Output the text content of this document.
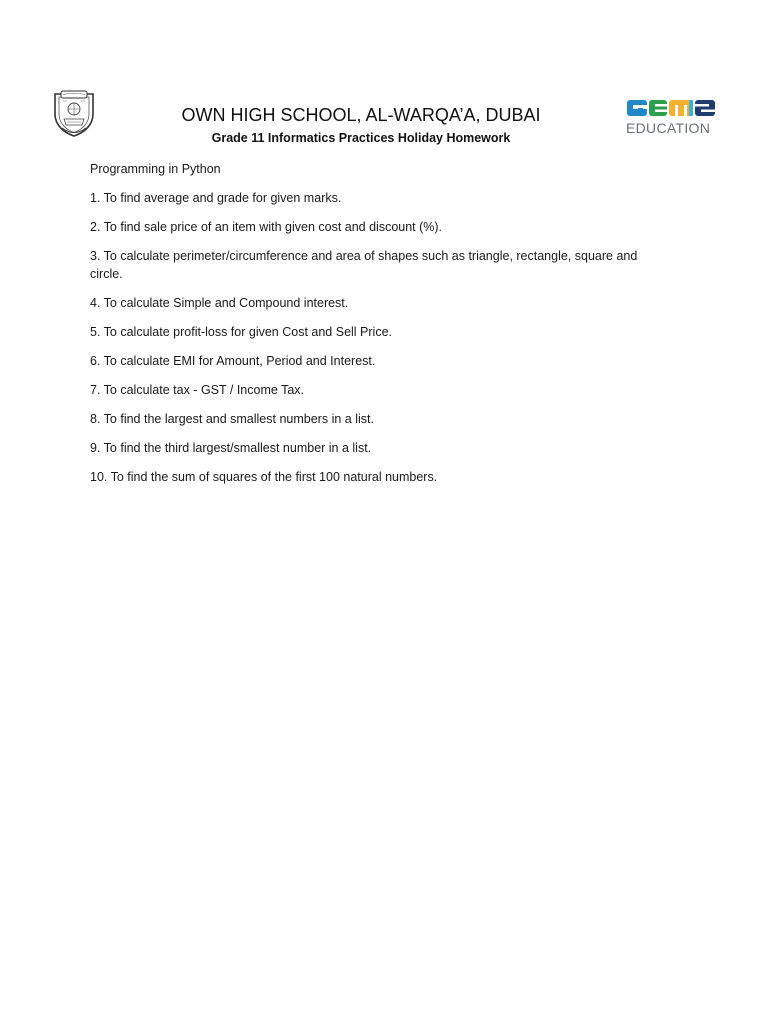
OWN HIGH SCHOOL, AL-WARQA’A, DUBAI
Grade 11 Informatics Practices Holiday Homework
EDUCATION

Programming in Python

1. To find average and grade for given marks.
2. To find sale price of an item with given cost and discount (%).
3. To calculate perimeter/circumference and area of shapes such as triangle, rectangle, square and circle.
4. To calculate Simple and Compound interest.
5. To calculate profit-loss for given Cost and Sell Price.
6. To calculate EMI for Amount, Period and Interest.
7. To calculate tax - GST / Income Tax.
8. To find the largest and smallest numbers in a list.
9. To find the third largest/smallest number in a list.
10. To find the sum of squares of the first 100 natural numbers.
